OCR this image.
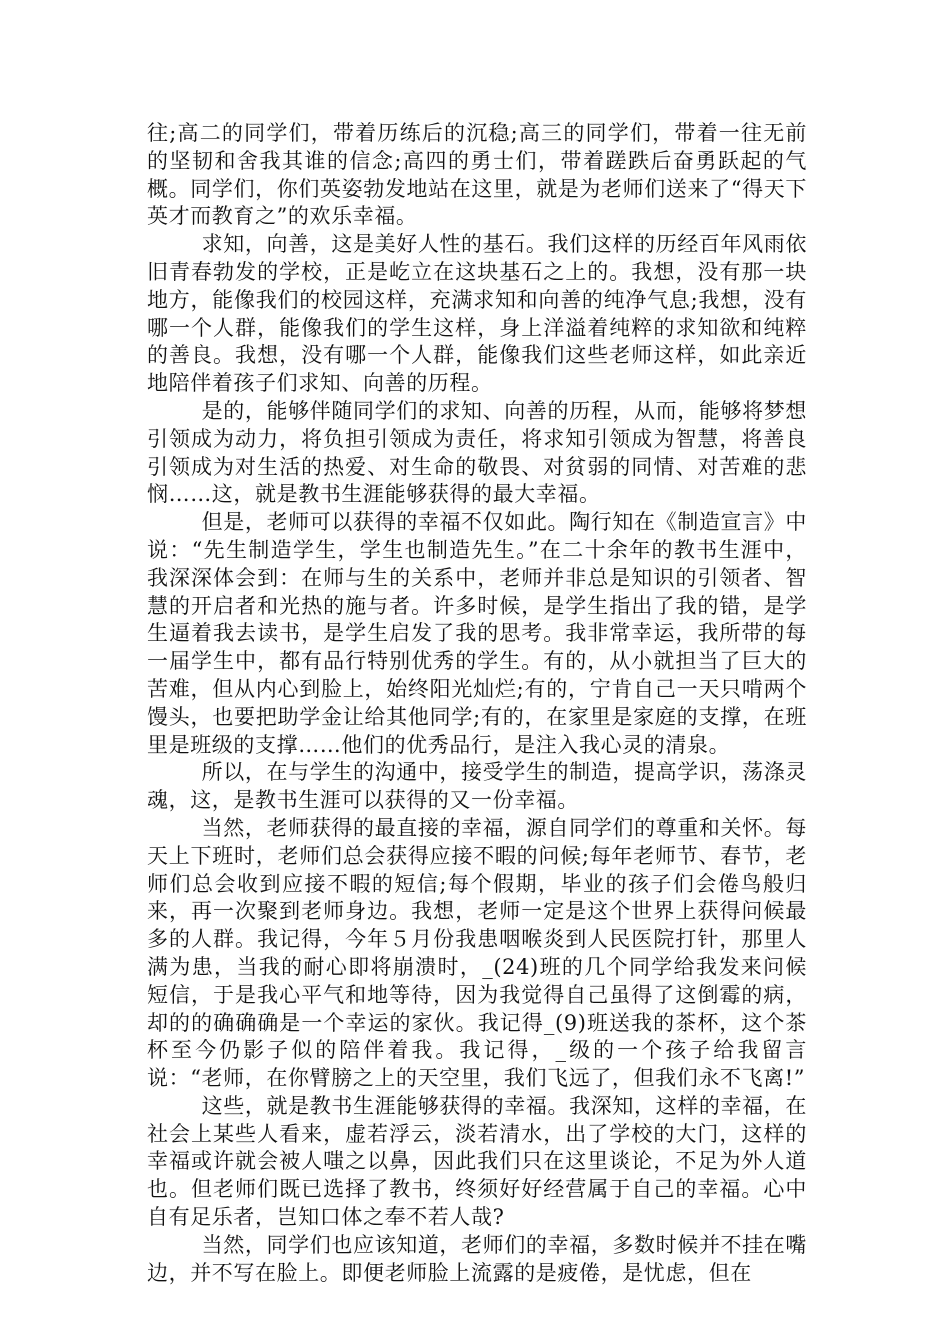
往;高二的同学们，带着历练后的沉稳;高三的同学们，带着一往无前的坚韧和舍我其谁的信念;高四的勇士们，带着蹉跌后奋勇跃起的气概。同学们，你们英姿勃发地站在这里，就是为老师们送来了“得天下英才而教育之”的欢乐幸福。

求知，向善，这是美好人性的基石。我们这样的历经百年风雨依旧青春勃发的学校，正是屹立在这块基石之上的。我想，没有那一块地方，能像我们的校园这样，充满求知和向善的纯净气息;我想，没有哪一个人群，能像我们的学生这样，身上洋溢着纯粹的求知欲和纯粹的善良。我想，没有哪一个人群，能像我们这些老师这样，如此亲近地陪伴着孩子们求知、向善的历程。

是的，能够伴随同学们的求知、向善的历程，从而，能够将梦想引领成为动力，将负担引领成为责任，将求知引领成为智慧，将善良引领成为对生活的热爱、对生命的敬畏、对贫弱的同情、对苦难的悲悯……这，就是教书生涯能够获得的最大幸福。

但是，老师可以获得的幸福不仅如此。陶行知在《制造宣言》中说：“先生制造学生，学生也制造先生。”在二十余年的教书生涯中，我深深体会到：在师与生的关系中，老师并非总是知识的引领者、智慧的开启者和光热的施与者。许多时候，是学生指出了我的错，是学生逼着我去读书，是学生启发了我的思考。我非常幸运，我所带的每一届学生中，都有品行特别优秀的学生。有的，从小就担当了巨大的苦难，但从内心到脸上，始终阳光灿烂;有的，宁肯自己一天只啃两个馒头，也要把助学金让给其他同学;有的，在家里是家庭的支撑，在班里是班级的支撑……他们的优秀品行，是注入我心灵的清泉。

所以，在与学生的沟通中，接受学生的制造，提高学识，荡涤灵魂，这，是教书生涯可以获得的又一份幸福。

当然，老师获得的最直接的幸福，源自同学们的尊重和关怀。每天上下班时，老师们总会获得应接不暇的问候;每年老师节、春节，老师们总会收到应接不暇的短信;每个假期，毕业的孩子们会倦鸟般归来，再一次聚到老师身边。我想，老师一定是这个世界上获得问候最多的人群。我记得，今年５月份我患咽喉炎到人民医院打针，那里人满为患，当我的耐心即将崩溃时，_(24)班的几个同学给我发来问候短信，于是我心平气和地等待，因为我觉得自己虽得了这倒霉的病，却的的确确确是一个幸运的家伙。我记得_(9)班送我的茶杯，这个茶杯至今仍影子似的陪伴着我。我记得，_级的一个孩子给我留言说：“老师，在你臂膀之上的天空里，我们飞远了，但我们永不飞离!”

这些，就是教书生涯能够获得的幸福。我深知，这样的幸福，在社会上某些人看来，虚若浮云，淡若清水，出了学校的大门，这样的幸福或许就会被人嗤之以鼻，因此我们只在这里谈论，不足为外人道也。但老师们既已选择了教书，终须好好经营属于自己的幸福。心中自有足乐者，岂知口体之奉不若人哉?

当然，同学们也应该知道，老师们的幸福，多数时候并不挂在嘴边，并不写在脸上。即便老师脸上流露的是疲倦，是忧虑，但在
